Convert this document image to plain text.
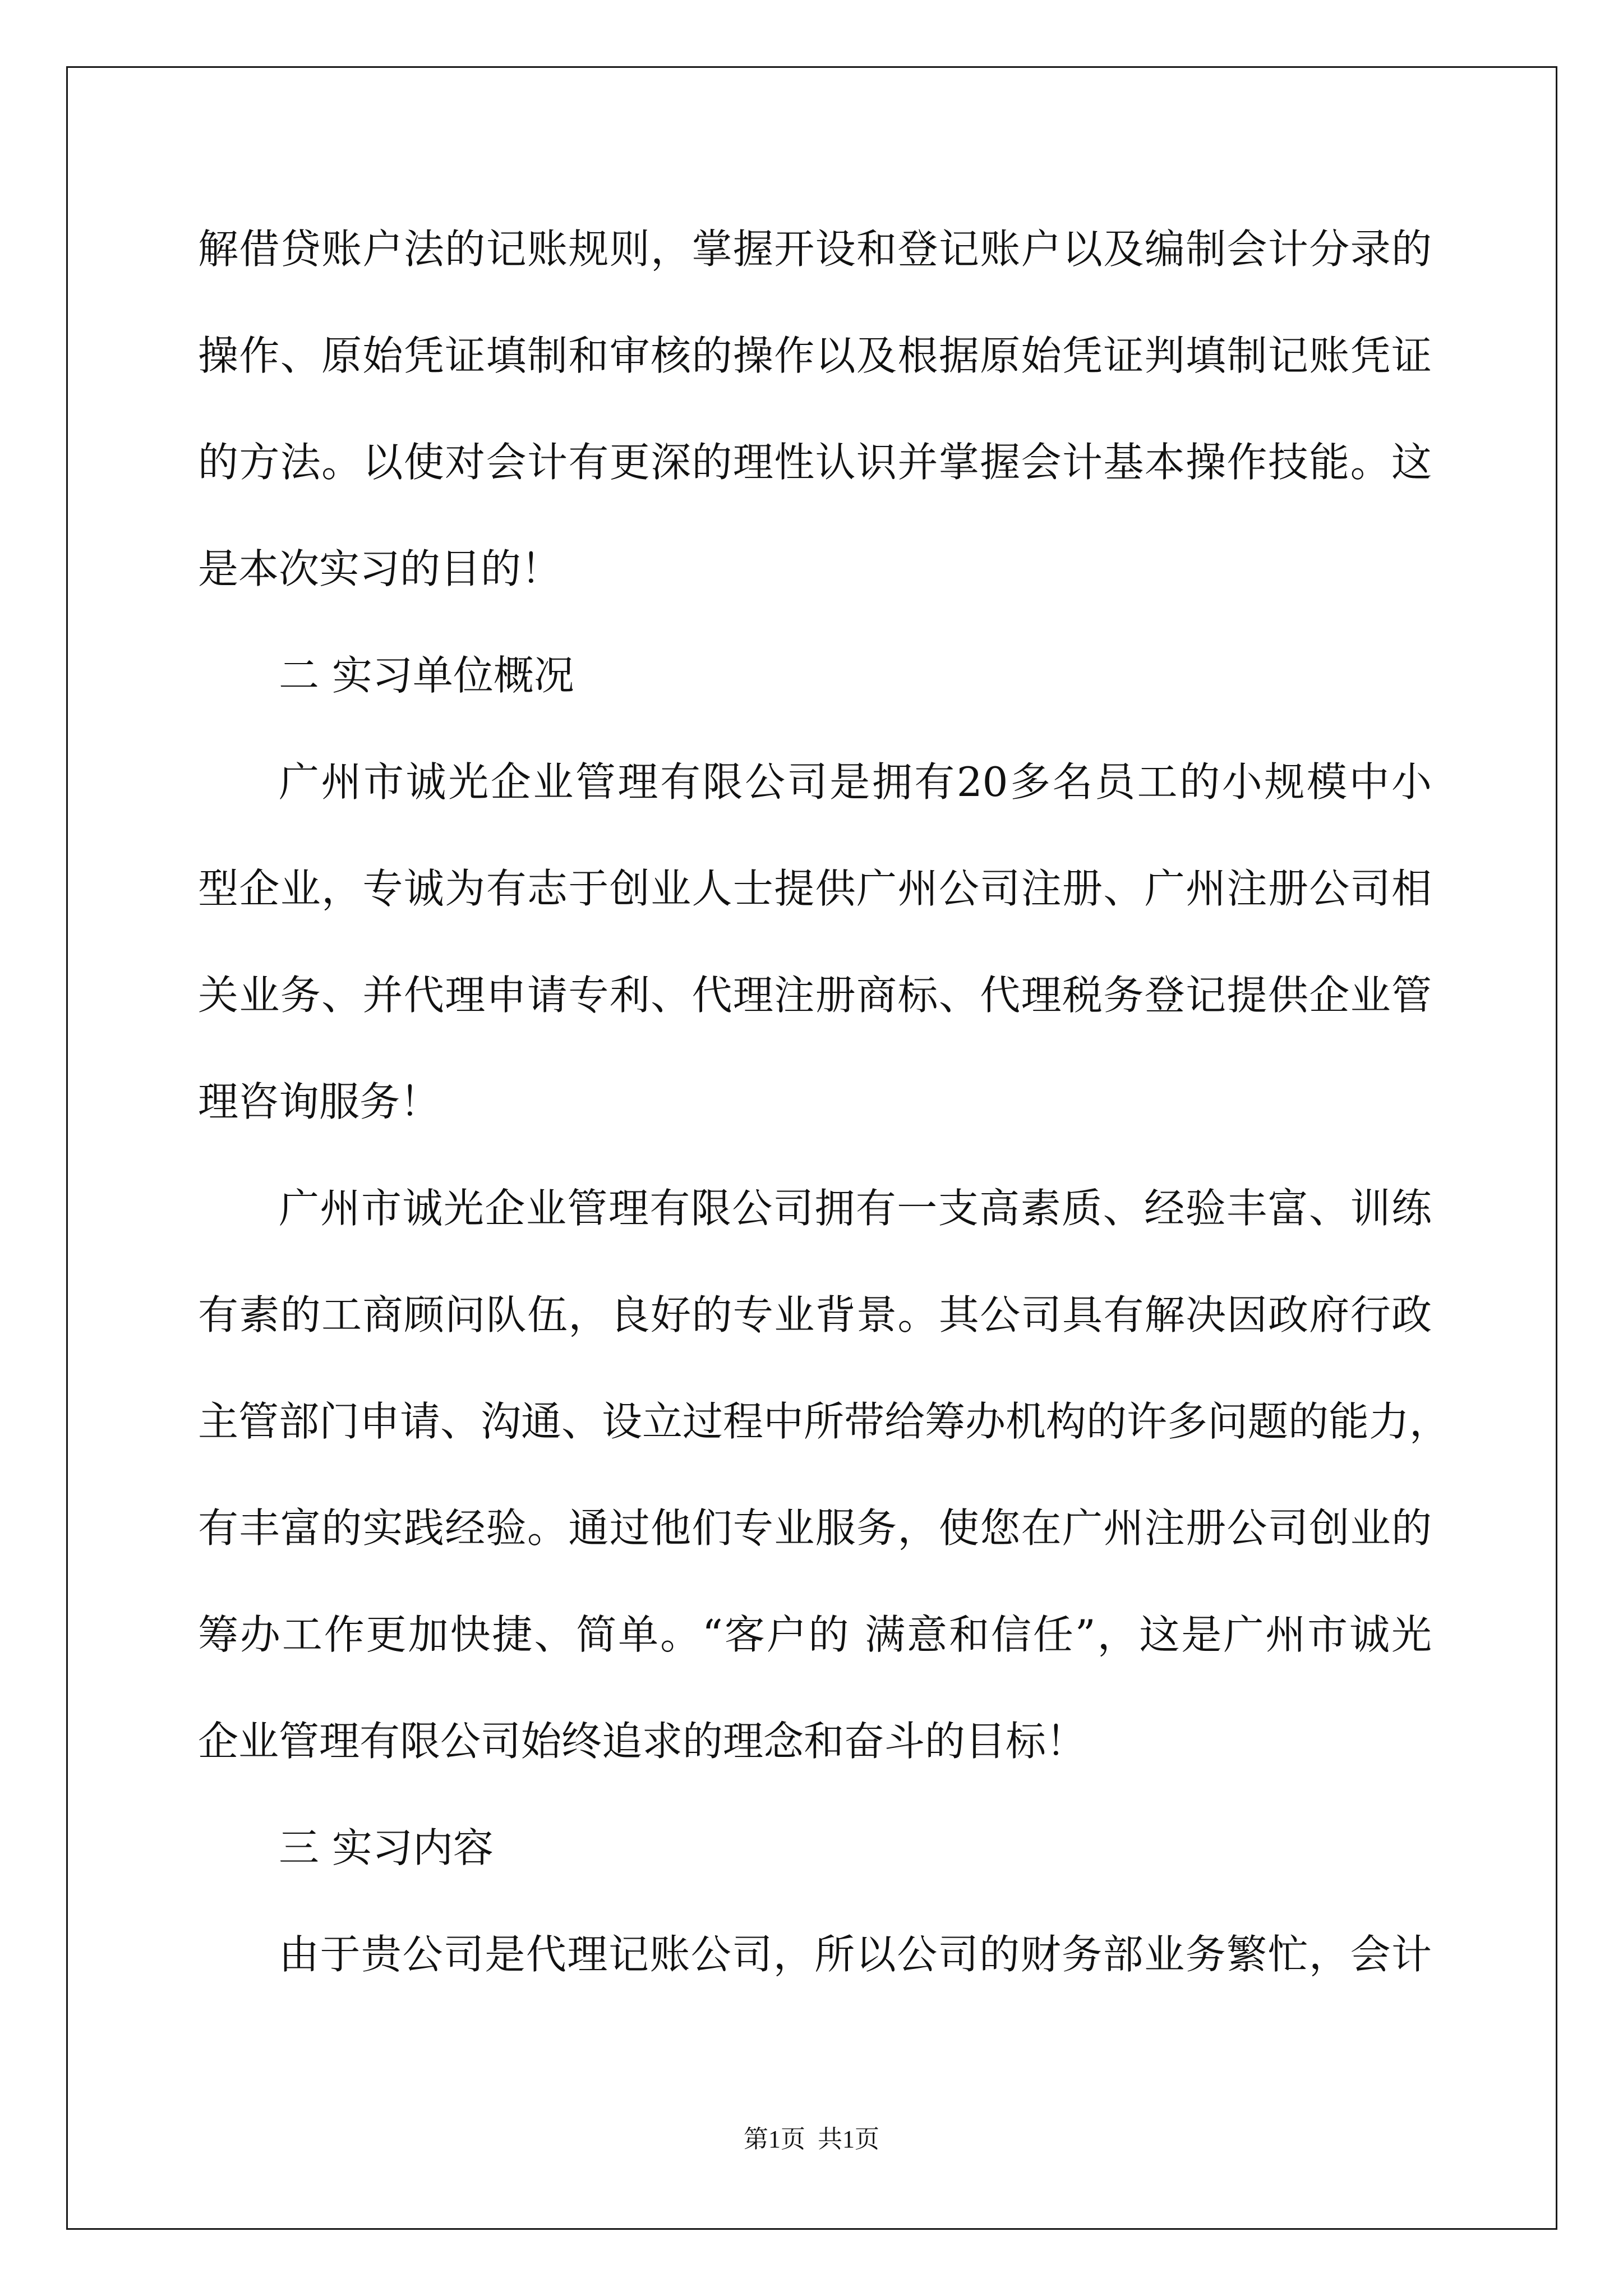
解借贷账户法的记账规则，掌握开设和登记账户以及编制会计分录的
操作、原始凭证填制和审核的操作以及根据原始凭证判填制记账凭证
的方法。以使对会计有更深的理性认识并掌握会计基本操作技能。这
是本次实习的目的！
二 实习单位概况
广州市诚光企业管理有限公司是拥有20多名员工的小规模中小
型企业，专诚为有志于创业人士提供广州公司注册、广州注册公司相
关业务、并代理申请专利、代理注册商标、代理税务登记提供企业管
理咨询服务！
广州市诚光企业管理有限公司拥有一支高素质、经验丰富、训练
有素的工商顾问队伍，良好的专业背景。其公司具有解决因政府行政
主管部门申请、沟通、设立过程中所带给筹办机构的许多问题的能力，
有丰富的实践经验。通过他们专业服务，使您在广州注册公司创业的
筹办工作更加快捷、简单。“客户的 满意和信任”，这是广州市诚光
企业管理有限公司始终追求的理念和奋斗的目标！
三 实习内容
由于贵公司是代理记账公司，所以公司的财务部业务繁忙，会计
第1页  共1页
